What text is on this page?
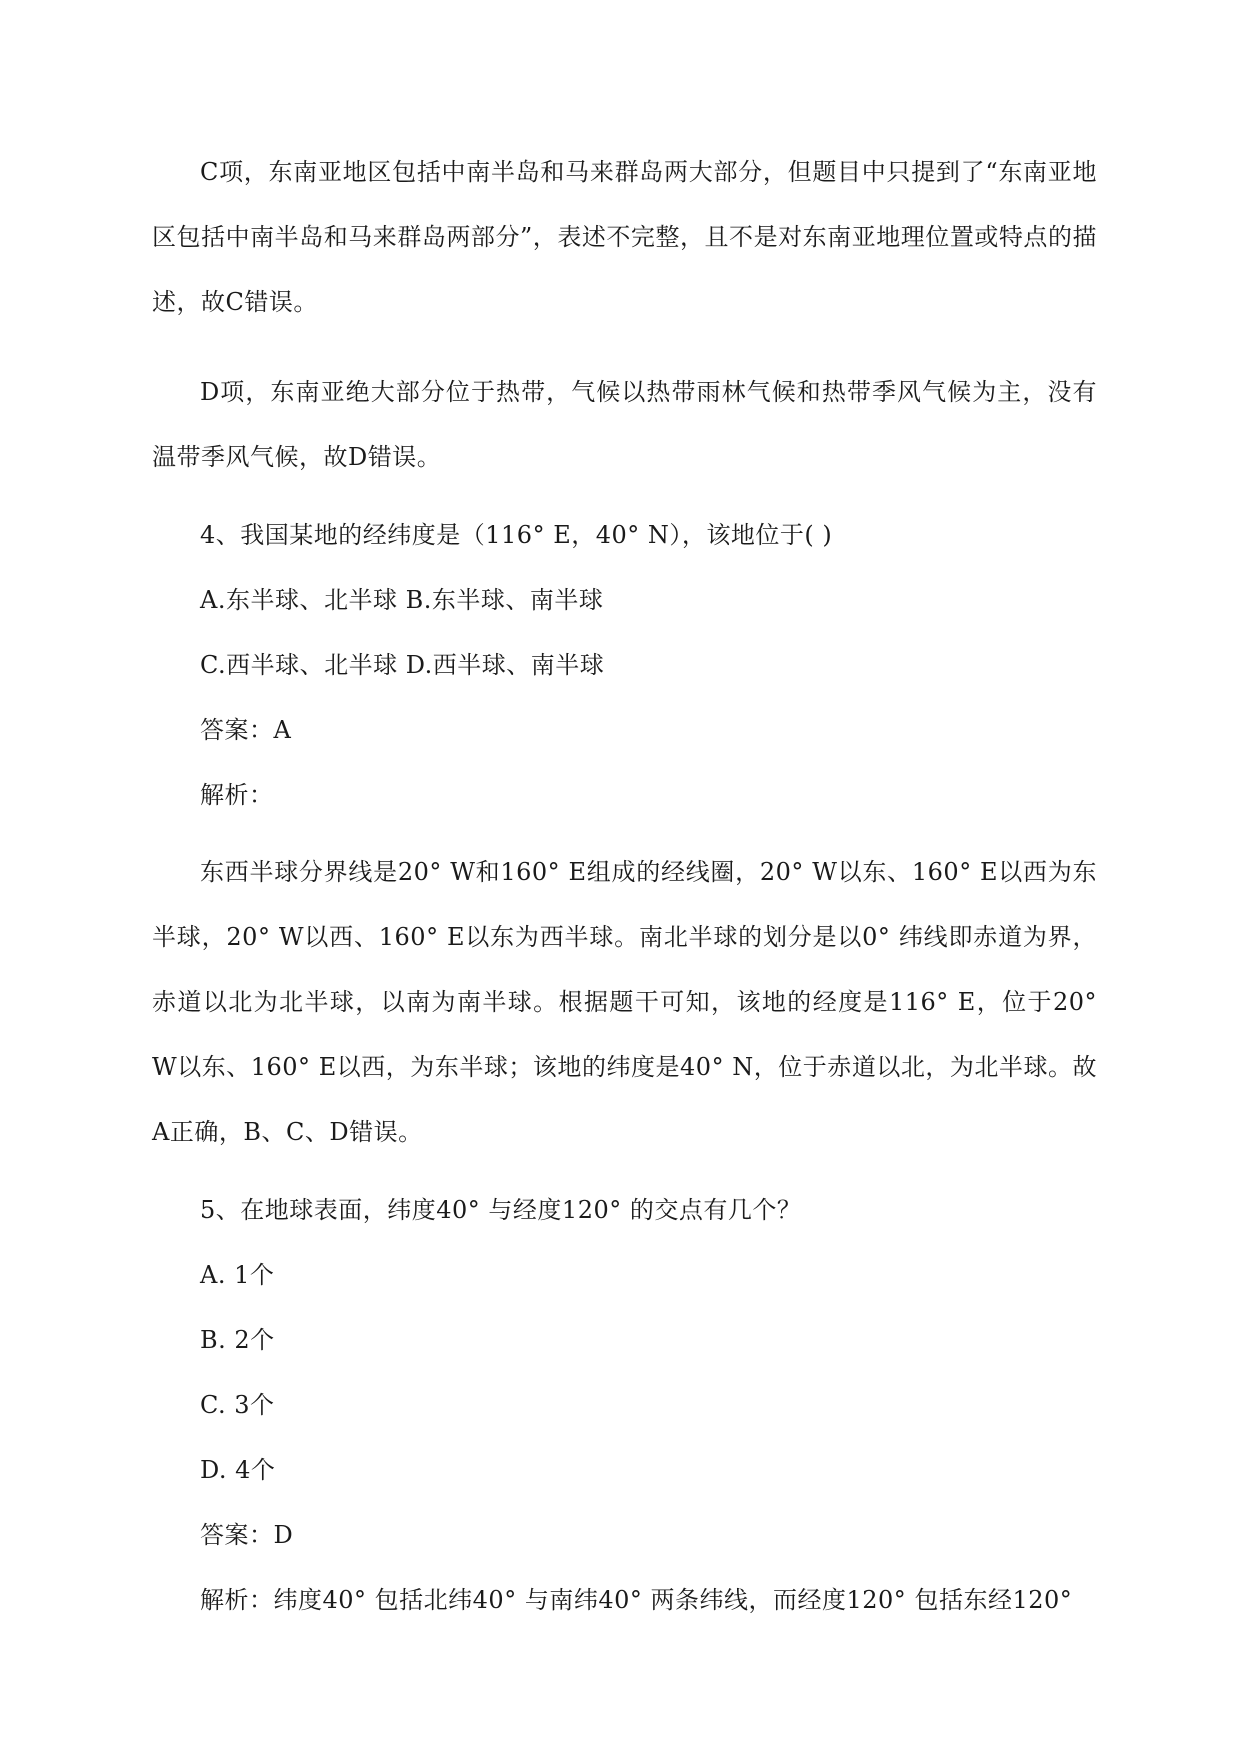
C项，东南亚地区包括中南半岛和马来群岛两大部分，但题目中只提到了“东南亚地区包括中南半岛和马来群岛两部分”，表述不完整，且不是对东南亚地理位置或特点的描述，故C错误。

D项，东南亚绝大部分位于热带，气候以热带雨林气候和热带季风气候为主，没有温带季风气候，故D错误。

4、我国某地的经纬度是（116° E，40° N），该地位于( )

A.东半球、北半球 B.东半球、南半球

C.西半球、北半球 D.西半球、南半球

答案：A

解析：

东西半球分界线是20° W和160° E组成的经线圈，20° W以东、160° E以西为东半球，20° W以西、160° E以东为西半球。南北半球的划分是以0° 纬线即赤道为界，赤道以北为北半球，以南为南半球。根据题干可知，该地的经度是116° E，位于20° W以东、160° E以西，为东半球；该地的纬度是40° N，位于赤道以北，为北半球。故A正确，B、C、D错误。

5、在地球表面，纬度40° 与经度120° 的交点有几个？

A. 1个

B. 2个

C. 3个

D. 4个

答案：D

解析：纬度40° 包括北纬40° 与南纬40° 两条纬线，而经度120° 包括东经120°
